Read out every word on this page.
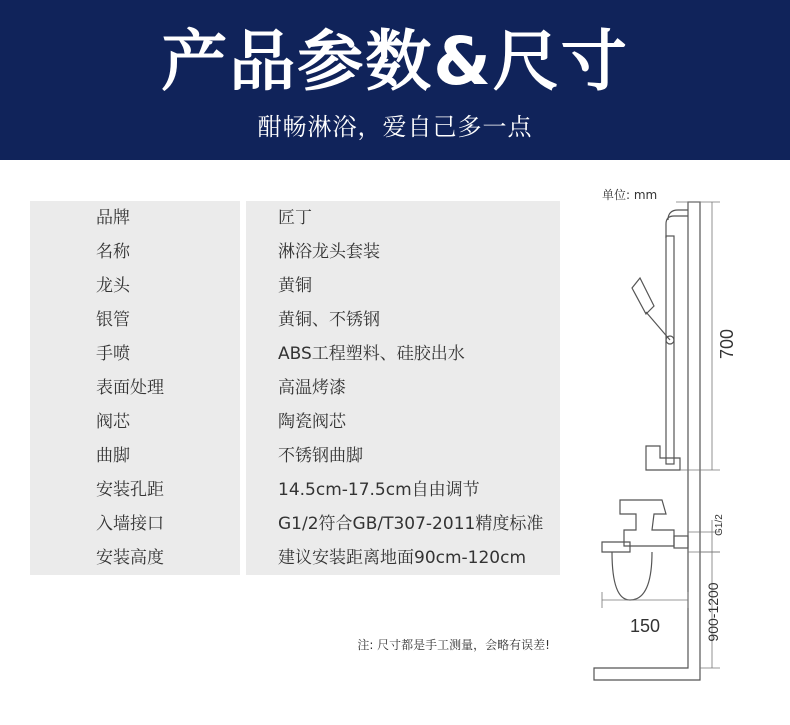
产品参数&尺寸
酣畅淋浴，爱自己多一点
品牌	匠丁
名称	淋浴龙头套装
龙头	黄铜
银管	黄铜、不锈钢
手喷	ABS工程塑料、硅胶出水
表面处理	高温烤漆
阀芯	陶瓷阀芯
曲脚	不锈钢曲脚
安装孔距	14.5cm-17.5cm自由调节
入墙接口	G1/2符合GB/T307-2011精度标准
安装高度	建议安装距离地面90cm-120cm
注: 尺寸都是手工测量，会略有误差!
单位: mm
700
G1/2
150	900-1200
